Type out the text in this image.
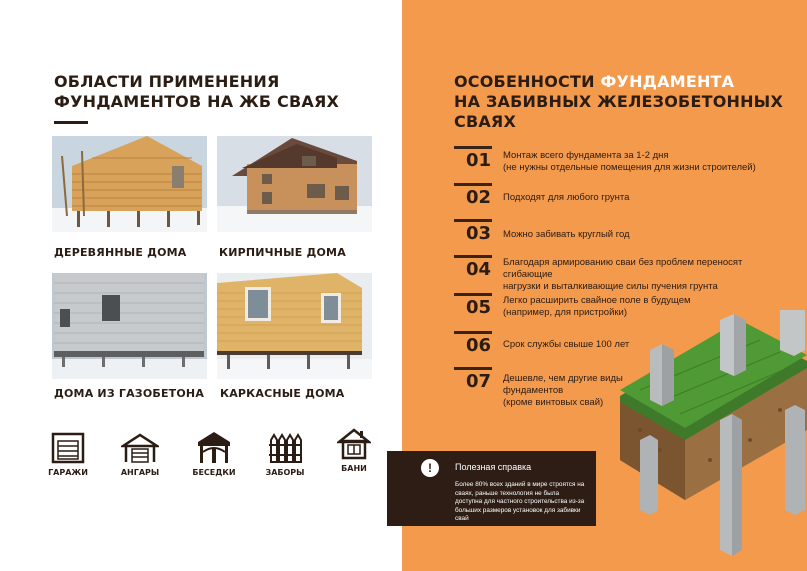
ОБЛАСТИ ПРИМЕНЕНИЯ
ФУНДАМЕНТОВ НА ЖБ СВАЯХ
ДЕРЕВЯННЫЕ ДОМА	КИРПИЧНЫЕ ДОМА
ДОМА ИЗ ГАЗОБЕТОНА КАРКАСНЫЕ ДОМА
ГАРАЖИ	АНГАРЫ	БЕСЕДКИ	ЗАБОРЫ	БАНИ
ОСОБЕННОСТИ ФУНДАМЕНТА
НА ЗАБИВНЫХ ЖЕЛЕЗОБЕТОННЫХ СВАЯХ
01 Монтаж всего фундамента за 1-2 дня
(не нужны отдельные помещения для жизни строителей)
02 Подходят для любого грунта
03 Можно забивать круглый год
04 Благодаря армированию сваи без проблем переносят сгибающие
нагрузки и выталкивающие силы пучения грунта
05 Легко расширить свайное поле в будущем
(например, для пристройки)
06 Срок службы свыше 100 лет
07 Дешевле, чем другие виды
фундаментов
(кроме винтовых свай)
!	Полезная справка
Более 80% всех зданий в мире строятся на сваях, раньше технология не была доступна для частного строительства из-за больших размеров установок для забивки свай
